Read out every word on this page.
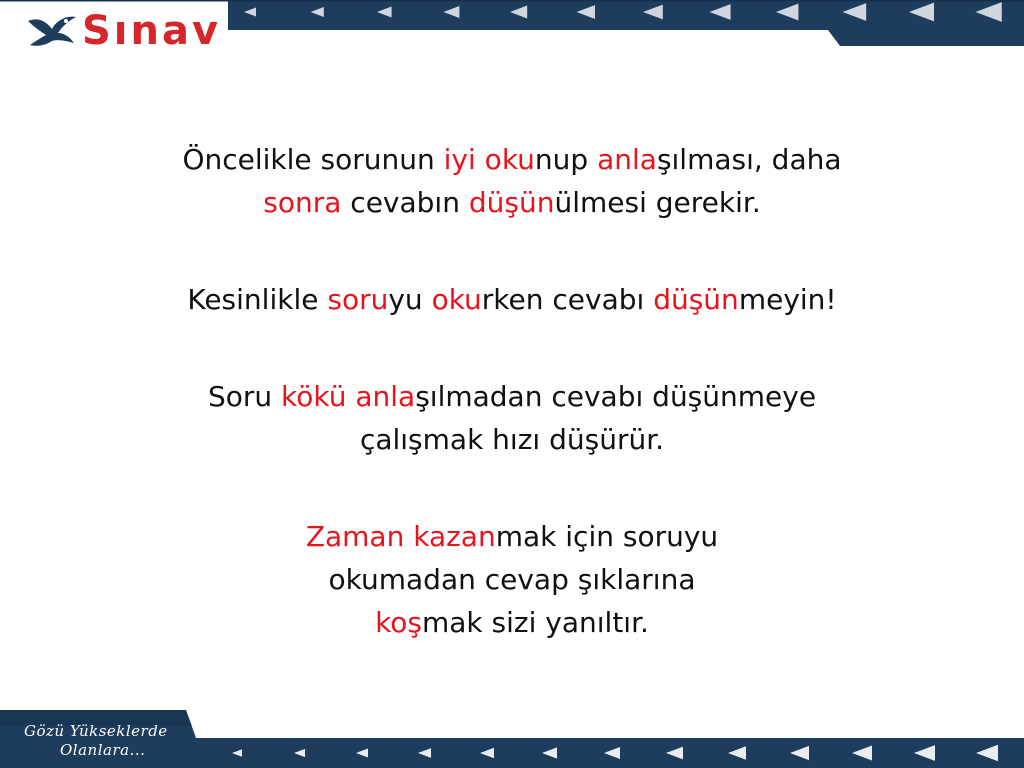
Sınav
Öncelikle sorunun iyi okunup anlaşılması, daha
sonra cevabın düşünülmesi gerekir.
Kesinlikle soruyu okurken cevabı düşünmeyin!
Soru kökü anlaşılmadan cevabı düşünmeye
çalışmak hızı düşürür.
Zaman kazanmak için soruyu
okumadan cevap şıklarına
koşmak sizi yanıltır.
Gözü Yükseklerde
Olanlara...
